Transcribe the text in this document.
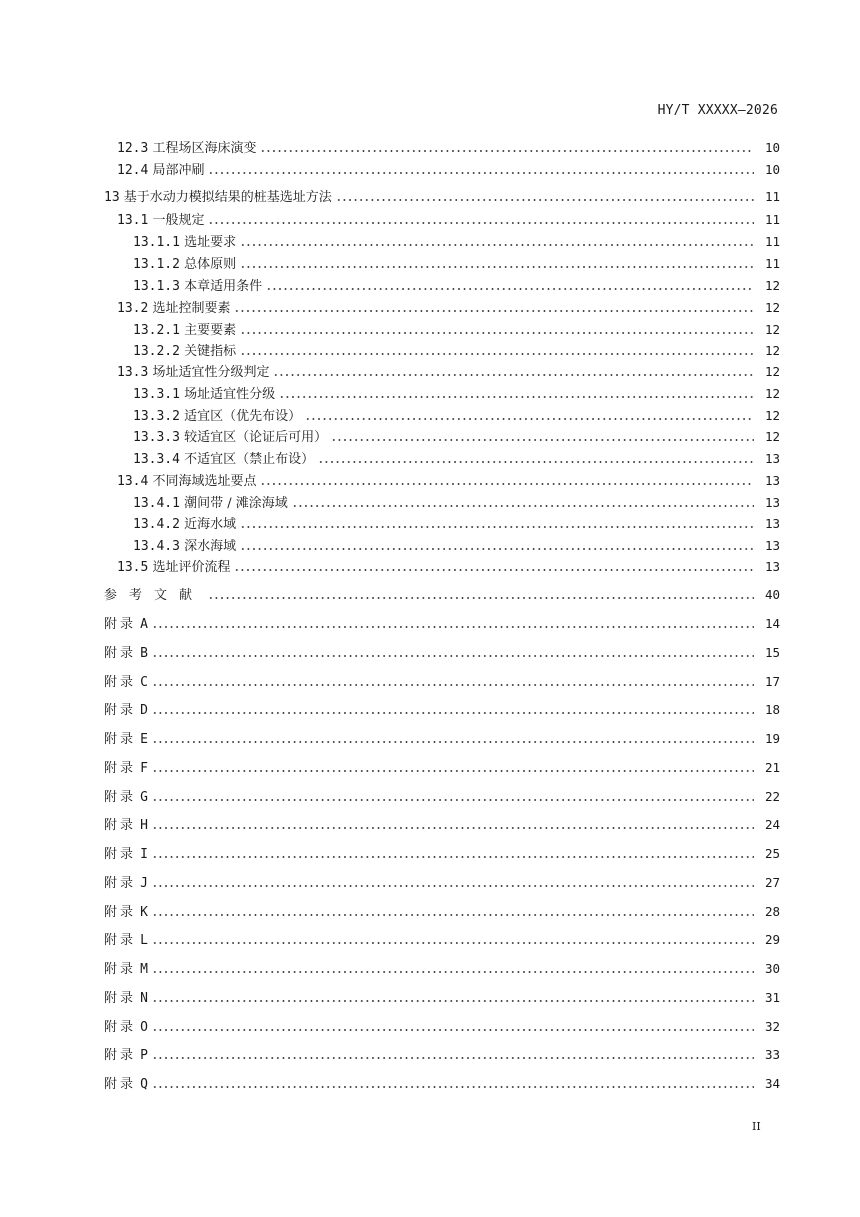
HY/T XXXXX—2026
12.3 工程场区海床演变	10
12.4 局部冲刷	10
13 基于水动力模拟结果的桩基选址方法	11
13.1 一般规定	11
13.1.1 选址要求	11
13.1.2 总体原则	11
13.1.3 本章适用条件	12
13.2 选址控制要素	12
13.2.1 主要要素	12
13.2.2 关键指标	12
13.3 场址适宜性分级判定	12
13.3.1 场址适宜性分级	12
13.3.2 适宜区（优先布设）	12
13.3.3 较适宜区（论证后可用）	12
13.3.4 不适宜区（禁止布设）	13
13.4 不同海域选址要点	13
13.4.1 潮间带 / 滩涂海域	13
13.4.2 近海水域	13
13.4.3 深水海域	13
13.5 选址评价流程	13
参考文献	40
附录 A	14
附录 B	15
附录 C	17
附录 D	18
附录 E	19
附录 F	21
附录 G	22
附录 H	24
附录 I	25
附录 J	27
附录 K	28
附录 L	29
附录 M	30
附录 N	31
附录 O	32
附录 P	33
附录 Q	34
II
